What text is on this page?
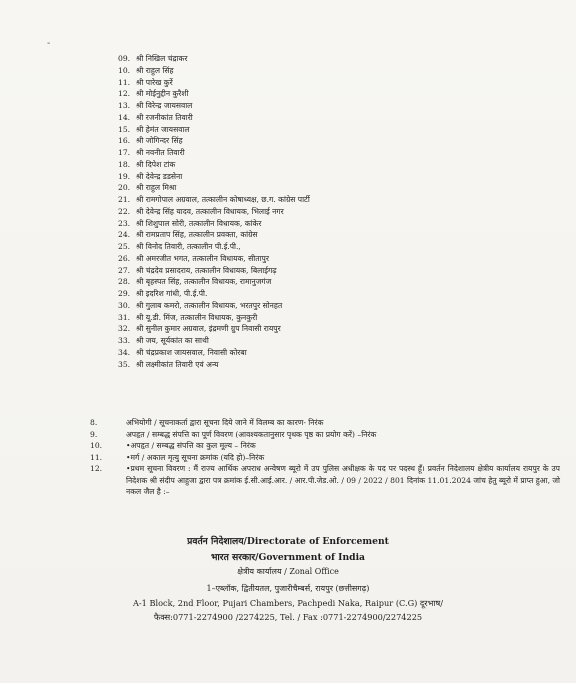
-
09. श्री निखिल चंद्राकर
10. श्री राहुल सिंह
11. श्री पारेख कुर्रे
12. श्री मोईनुद्दीन कुरैशी
13. श्री विरेन्द्र जायसवाल
14. श्री रजनीकांत तिवारी
15. श्री हेमंत जायसवाल
16. श्री जोगिन्दर सिंह
17. श्री नवनीत तिवारी
18. श्री दिपेश टांक
19. श्री देवेन्द्र डडसेना
20. श्री राहुल मिश्रा
21. श्री रामगोपाल अग्रवाल, तत्कालीन कोषाध्यक्ष, छ.ग. कांग्रेस पार्टी
22. श्री देवेन्द्र सिंह यादव, तत्कालीन विधायक, भिलाई नगर
23. श्री शिशुपाल सोरी, तत्कालीन विधायक, कांकेर
24. श्री रामप्रताप सिंह, तत्कालीन प्रवक्ता, कांग्रेस
25. श्री विनोद तिवारी, तत्कालीन पी.ई.पी.,
26. श्री अमरजीत भगत, तत्कालीन विधायक, सीतापुर
27. श्री चंद्रदेव प्रसादराय, तत्कालीन विधायक, बिलाईगढ़
28. श्री बृहस्पत सिंह, तत्कालीन विधायक, रामानुजगंज
29. श्री इदरिश गांधी, पी.ई.पी.
30. श्री गुलाब कमरो, तत्कालीन विधायक, भरतपुर सोनहत
31. श्री यू.डी. मिंज, तत्कालीन विधायक, कुनकुरी
32. श्री सुनील कुमार अग्रवाल, इंद्रमणी ग्रुप निवासी रायपुर
33. श्री जय, सूर्यकांत का साथी
34. श्री चंद्रप्रकाश जायसवाल, निवासी कोरबा
35. श्री लक्ष्मीकांत तिवारी एवं अन्य
8.	अभियोगी / सूचनाकर्ता द्वारा सूचना दिये जाने में विलम्ब का कारण- निरंक
9.	अपहृत / सम्बद्ध संपत्ति का पूर्ण विवरण (आवश्यकतानुसार पृथक पृष्ठ का प्रयोग करें) –निरंक
10.	•अपहृत / सम्बद्ध संपत्ति का कुल मूल्य – निरंक
11.	•मर्ग / अकाल मृत्यु सूचना क्रमांक (यदि हो)–निरंक
12.	•प्रथम सूचना विवरण : मैं राज्य आर्थिक अपराध अन्वेषण ब्यूरो में उप पुलिस अधीक्षक के पद पर पदस्थ हूँ। प्रवर्तन निदेशालय क्षेत्रीय कार्यालय रायपुर के उप निदेशक श्री संदीप आहुजा द्वारा पत्र क्रमांक ई.सी.आई.आर. / आर.पी.जेड.ओ. / 09 / 2022 / 801 दिनांक 11.01.2024 जांच हेतु ब्यूरो में प्राप्त हुआ, जो नकल जैल है :–
प्रवर्तन निदेशालय/Directorate of Enforcement
भारत सरकार/Government of India
क्षेत्रीय कार्यालय / Zonal Office
1–एब्लॉक, द्वितीयतल, पुजारीचैम्बर्स, रायपुर (छत्तीसगढ़)
A-1 Block, 2nd Floor, Pujari Chambers, Pachpedi Naka, Raipur (C.G) दूरभाष/
फैक्स:0771-2274900 /2274225, Tel. / Fax :0771-2274900/2274225
